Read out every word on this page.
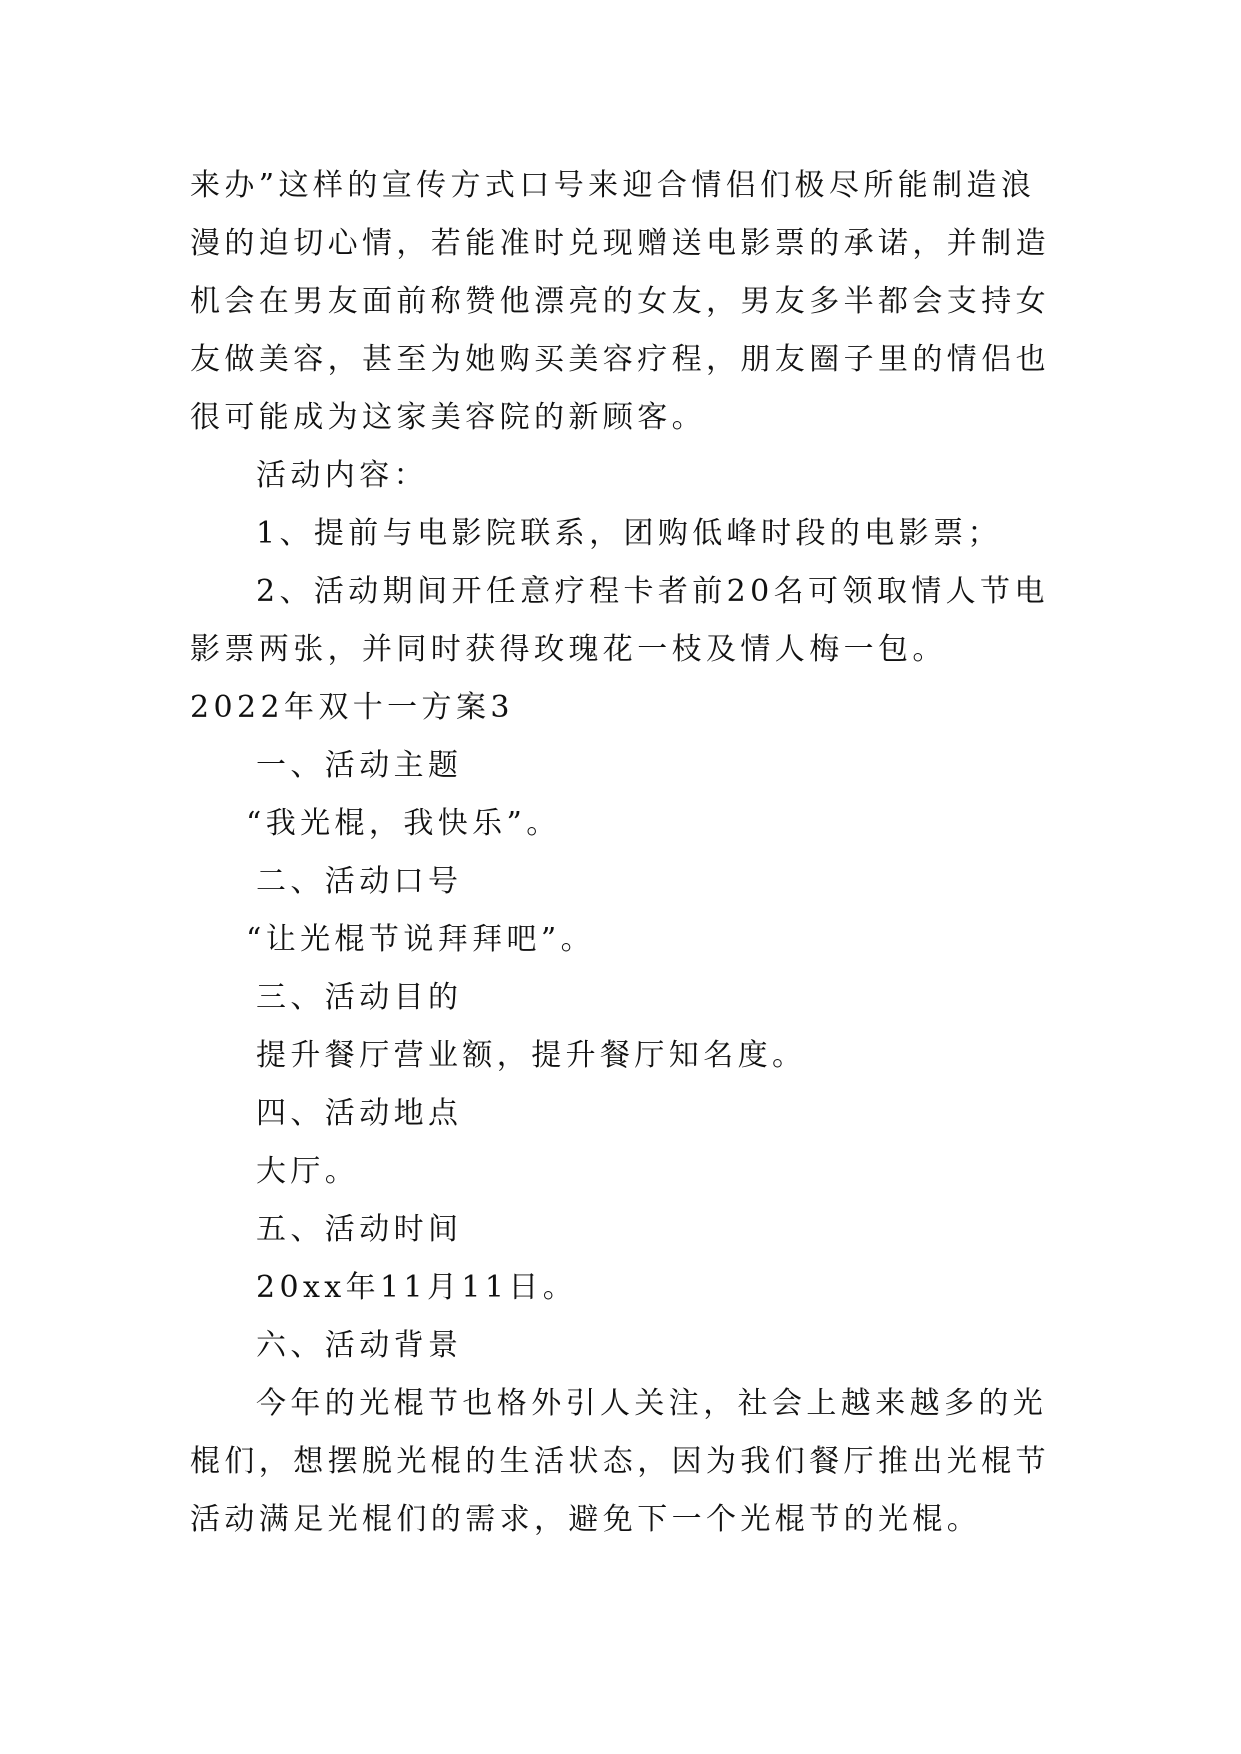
来办”这样的宣传方式口号来迎合情侣们极尽所能制造浪漫的迫切心情，若能准时兑现赠送电影票的承诺，并制造机会在男友面前称赞他漂亮的女友，男友多半都会支持女友做美容，甚至为她购买美容疗程，朋友圈子里的情侣也很可能成为这家美容院的新顾客。

活动内容：

1、提前与电影院联系，团购低峰时段的电影票；

2、活动期间开任意疗程卡者前20名可领取情人节电影票两张，并同时获得玫瑰花一枝及情人梅一包。

2022年双十一方案3

一、活动主题

“我光棍，我快乐”。

二、活动口号

“让光棍节说拜拜吧”。

三、活动目的

提升餐厅营业额，提升餐厅知名度。

四、活动地点

大厅。

五、活动时间

20xx年11月11日。

六、活动背景

今年的光棍节也格外引人关注，社会上越来越多的光棍们，想摆脱光棍的生活状态，因为我们餐厅推出光棍节活动满足光棍们的需求，避免下一个光棍节的光棍。
